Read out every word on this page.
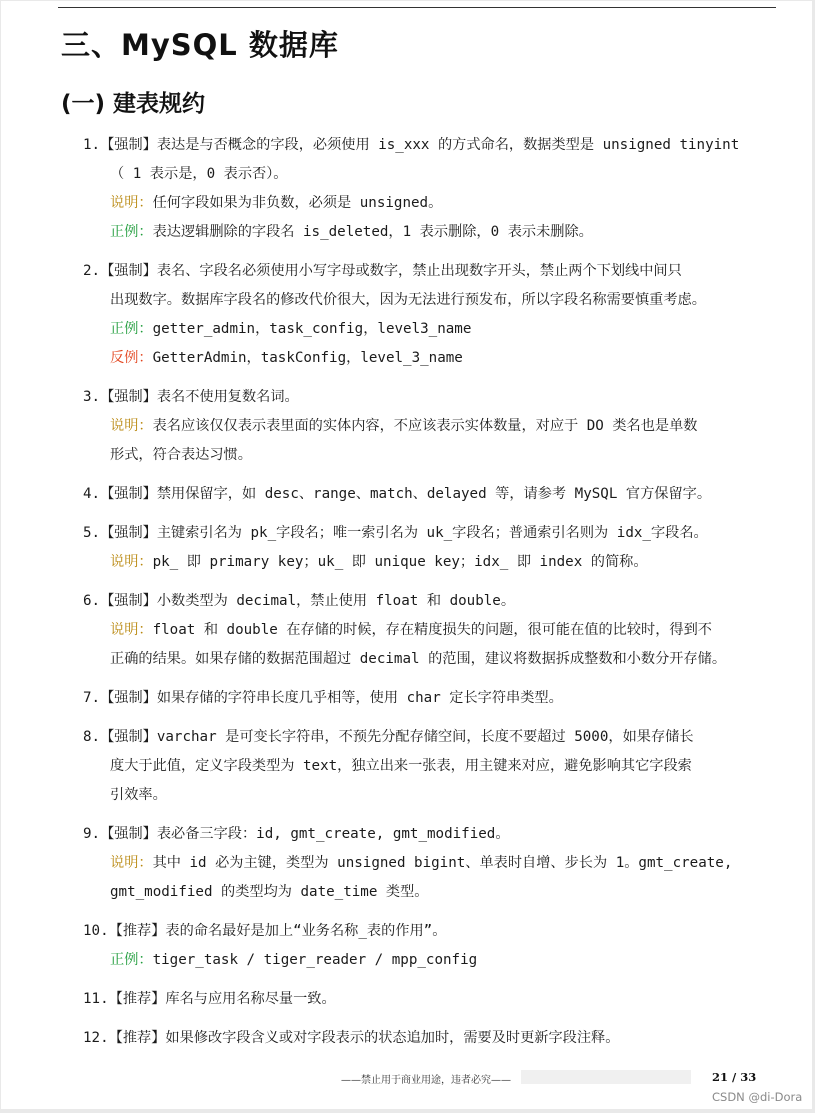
三、MySQL 数据库
(一) 建表规约
1.【强制】表达是与否概念的字段，必须使用 is_xxx 的方式命名，数据类型是 unsigned tinyint
（ 1 表示是，0 表示否）。
说明：任何字段如果为非负数，必须是 unsigned。
正例：表达逻辑删除的字段名 is_deleted，1 表示删除，0 表示未删除。
2.【强制】表名、字段名必须使用小写字母或数字，禁止出现数字开头，禁止两个下划线中间只
出现数字。数据库字段名的修改代价很大，因为无法进行预发布，所以字段名称需要慎重考虑。
正例：getter_admin，task_config，level3_name
反例：GetterAdmin，taskConfig，level_3_name
3.【强制】表名不使用复数名词。
说明：表名应该仅仅表示表里面的实体内容，不应该表示实体数量，对应于 DO 类名也是单数
形式，符合表达习惯。
4.【强制】禁用保留字，如 desc、range、match、delayed 等，请参考 MySQL 官方保留字。
5.【强制】主键索引名为 pk_字段名；唯一索引名为 uk_字段名；普通索引名则为 idx_字段名。
说明：pk_ 即 primary key；uk_ 即 unique key；idx_ 即 index 的简称。
6.【强制】小数类型为 decimal，禁止使用 float 和 double。
说明：float 和 double 在存储的时候，存在精度损失的问题，很可能在值的比较时，得到不
正确的结果。如果存储的数据范围超过 decimal 的范围，建议将数据拆成整数和小数分开存储。
7.【强制】如果存储的字符串长度几乎相等，使用 char 定长字符串类型。
8.【强制】varchar 是可变长字符串，不预先分配存储空间，长度不要超过 5000，如果存储长
度大于此值，定义字段类型为 text，独立出来一张表，用主键来对应，避免影响其它字段索
引效率。
9.【强制】表必备三字段：id, gmt_create, gmt_modified。
说明：其中 id 必为主键，类型为 unsigned bigint、单表时自增、步长为 1。gmt_create,
gmt_modified 的类型均为 date_time 类型。
10.【推荐】表的命名最好是加上“业务名称_表的作用”。
正例：tiger_task / tiger_reader / mpp_config
11.【推荐】库名与应用名称尽量一致。
12.【推荐】如果修改字段含义或对字段表示的状态追加时，需要及时更新字段注释。
——禁止用于商业用途，违者必究——	21 / 33
CSDN @di-Dora
